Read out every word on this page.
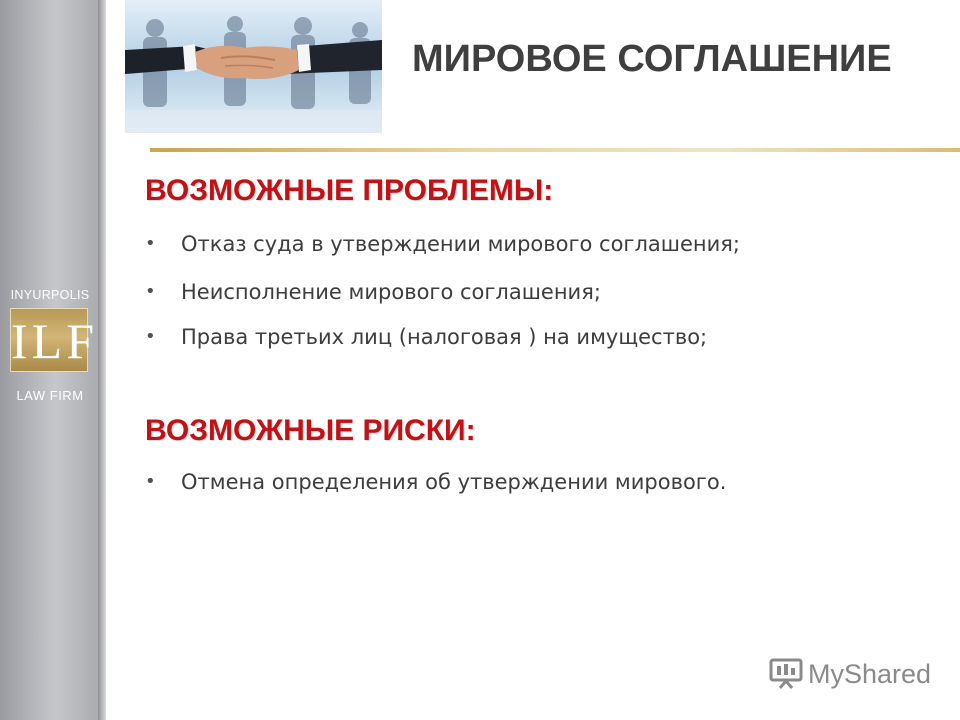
INYURPOLIS
ILF
LAW FIRM
МИРОВОЕ СОГЛАШЕНИЕ
ВОЗМОЖНЫЕ ПРОБЛЕМЫ:
• Отказ суда в утверждении мирового соглашения;
• Неисполнение мирового соглашения;
• Права третьих лиц (налоговая ) на имущество;
ВОЗМОЖНЫЕ РИСКИ:
• Отмена определения об утверждении мирового.
MyShared
